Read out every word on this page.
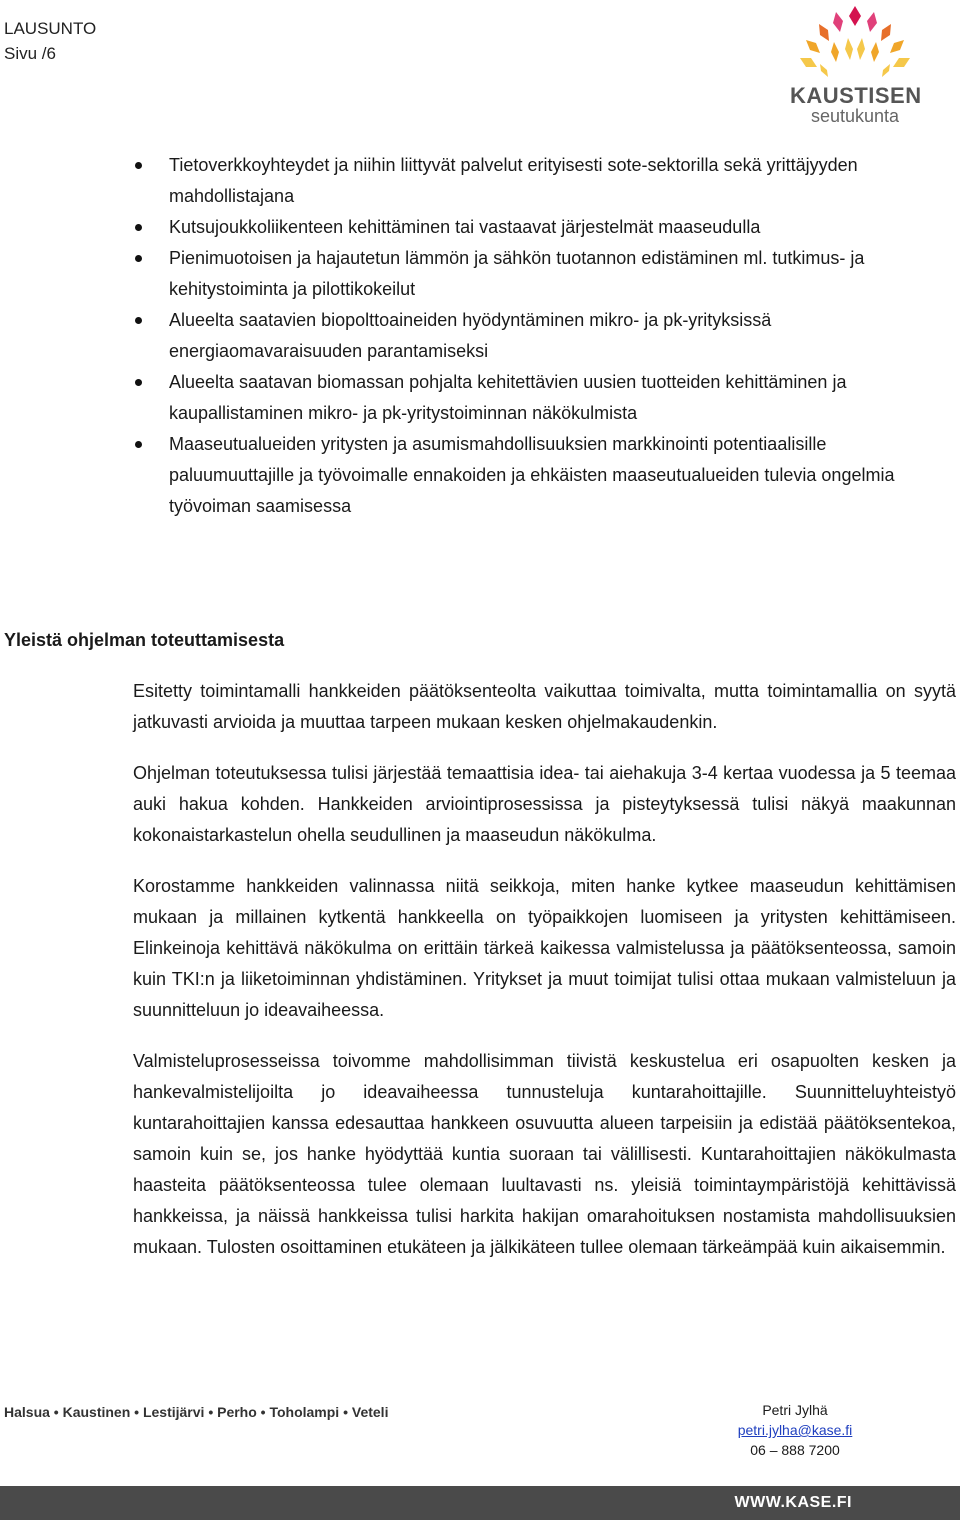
LAUSUNTO
Sivu /6
KAUSTISEN
seutukunta
Tietoverkkoyhteydet ja niihin liittyvät palvelut erityisesti sote-sektorilla sekä yrittäjyyden mahdollistajana
Kutsujoukkoliikenteen kehittäminen tai vastaavat järjestelmät maaseudulla
Pienimuotoisen ja hajautetun lämmön ja sähkön tuotannon edistäminen ml. tutkimus- ja kehitystoiminta ja pilottikokeilut
Alueelta saatavien biopolttoaineiden hyödyntäminen mikro- ja pk-yrityksissä energiaomavaraisuuden parantamiseksi
Alueelta saatavan biomassan pohjalta kehitettävien uusien tuotteiden kehittäminen ja kaupallistaminen mikro- ja pk-yritystoiminnan näkökulmista
Maaseutualueiden yritysten ja asumismahdollisuuksien markkinointi potentiaalisille paluumuuttajille ja työvoimalle ennakoiden ja ehkäisten maaseutualueiden tulevia ongelmia työvoiman saamisessa
Yleistä ohjelman toteuttamisesta

Esitetty toimintamalli hankkeiden päätöksenteolta vaikuttaa toimivalta, mutta toimintamallia on syytä jatkuvasti arvioida ja muuttaa tarpeen mukaan kesken ohjelmakaudenkin.

Ohjelman toteutuksessa tulisi järjestää temaattisia idea- tai aiehakuja 3-4 kertaa vuodessa ja 5 teemaa auki hakua kohden. Hankkeiden arviointiprosessissa ja pisteytyksessä tulisi näkyä maakunnan kokonaistarkastelun ohella seudullinen ja maaseudun näkökulma.

Korostamme hankkeiden valinnassa niitä seikkoja, miten hanke kytkee maaseudun kehittämisen mukaan ja millainen kytkentä hankkeella on työpaikkojen luomiseen ja yritysten kehittämiseen. Elinkeinoja kehittävä näkökulma on erittäin tärkeä kaikessa valmistelussa ja päätöksenteossa, samoin kuin TKI:n ja liiketoiminnan yhdistäminen. Yritykset ja muut toimijat tulisi ottaa mukaan valmisteluun ja suunnitteluun jo ideavaiheessa.

Valmisteluprosesseissa toivomme mahdollisimman tiivistä keskustelua eri osapuolten kesken ja hankevalmistelijoilta jo ideavaiheessa tunnusteluja kuntarahoittajille. Suunnitteluyhteistyö kuntarahoittajien kanssa edesauttaa hankkeen osuvuutta alueen tarpeisiin ja edistää päätöksentekoa, samoin kuin se, jos hanke hyödyttää kuntia suoraan tai välillisesti. Kuntarahoittajien näkökulmasta haasteita päätöksenteossa tulee olemaan luultavasti ns. yleisiä toimintaympäristöjä kehittävissä hankkeissa, ja näissä hankkeissa tulisi harkita hakijan omarahoituksen nostamista mahdollisuuksien mukaan. Tulosten osoittaminen etukäteen ja jälkikäteen tullee olemaan tärkeämpää kuin aikaisemmin.

Halsua • Kaustinen • Lestijärvi • Perho • Toholampi • Veteli	Petri Jylhä
petri.jylha@kase.fi
06 – 888 7200
WWW.KASE.FI
